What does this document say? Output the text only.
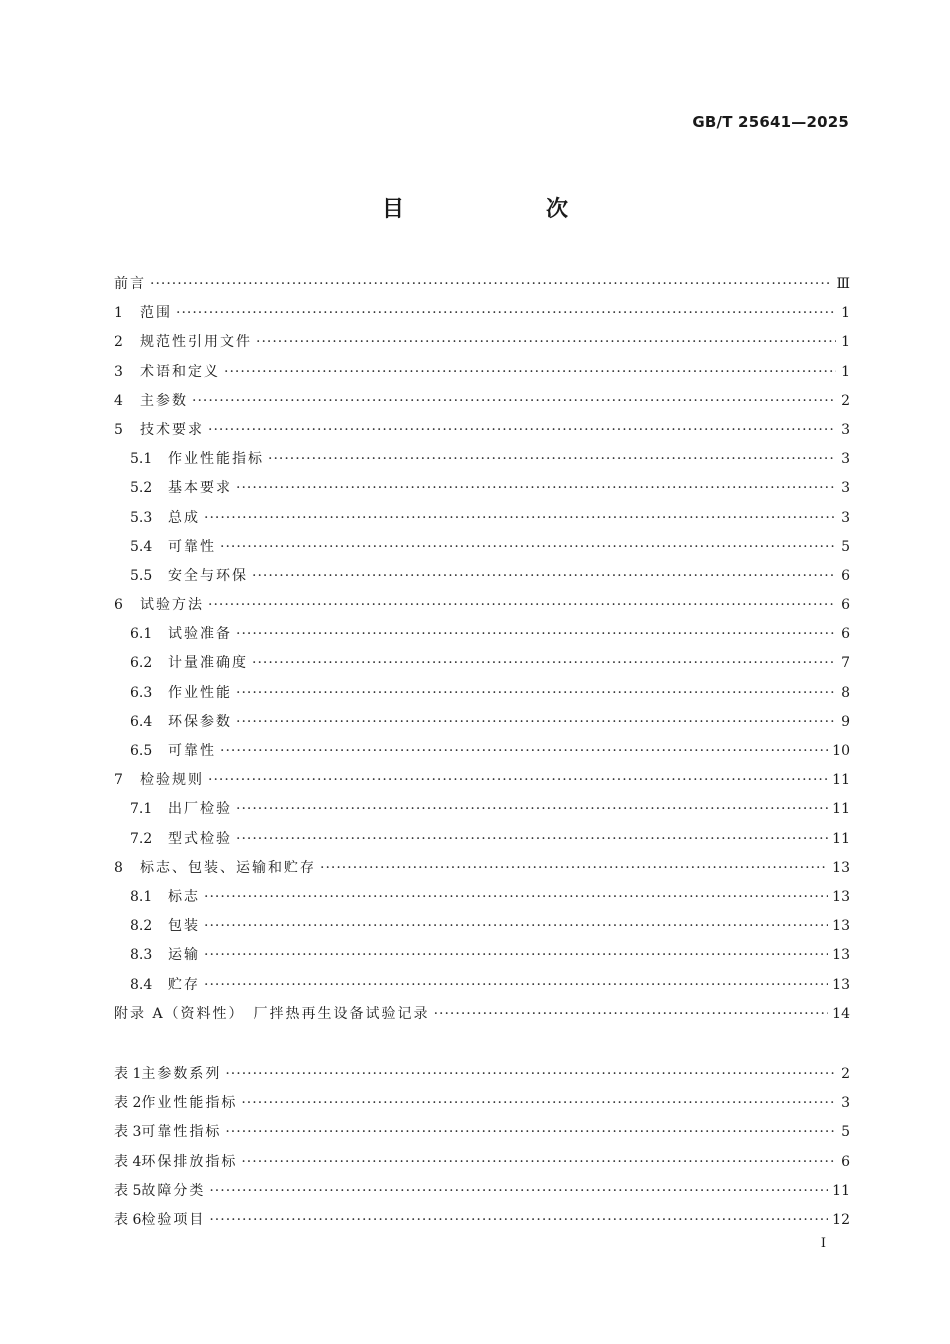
GB/T 25641—2025
目　次
前言 ·····	Ⅲ
1	范围 ·····	1
2	规范性引用文件 ·····	1
3	术语和定义 ·····	1
4	主参数 ·····	2
5	技术要求 ·····	3
5.1	作业性能指标 ·····	3
5.2	基本要求 ·····	3
5.3	总成 ·····	3
5.4	可靠性 ·····	5
5.5	安全与环保 ·····	6
6	试验方法 ·····	6
6.1	试验准备 ·····	6
6.2	计量准确度 ·····	7
6.3	作业性能 ·····	8
6.4	环保参数 ·····	9
6.5	可靠性 ·····	10
7	检验规则 ·····	11
7.1	出厂检验 ·····	11
7.2	型式检验 ·····	11
8	标志、包装、运输和贮存 ·····	13
8.1	标志 ·····	13
8.2	包装 ·····	13
8.3	运输 ·····	13
8.4	贮存 ·····	13
附录 A（资料性）　厂拌热再生设备试验记录 ·····	14
表 1 主参数系列 ·····	2
表 2 作业性能指标 ·····	3
表 3 可靠性指标 ·····	5
表 4 环保排放指标 ·····	6
表 5 故障分类 ·····	11
表 6 检验项目 ·····	12
I
